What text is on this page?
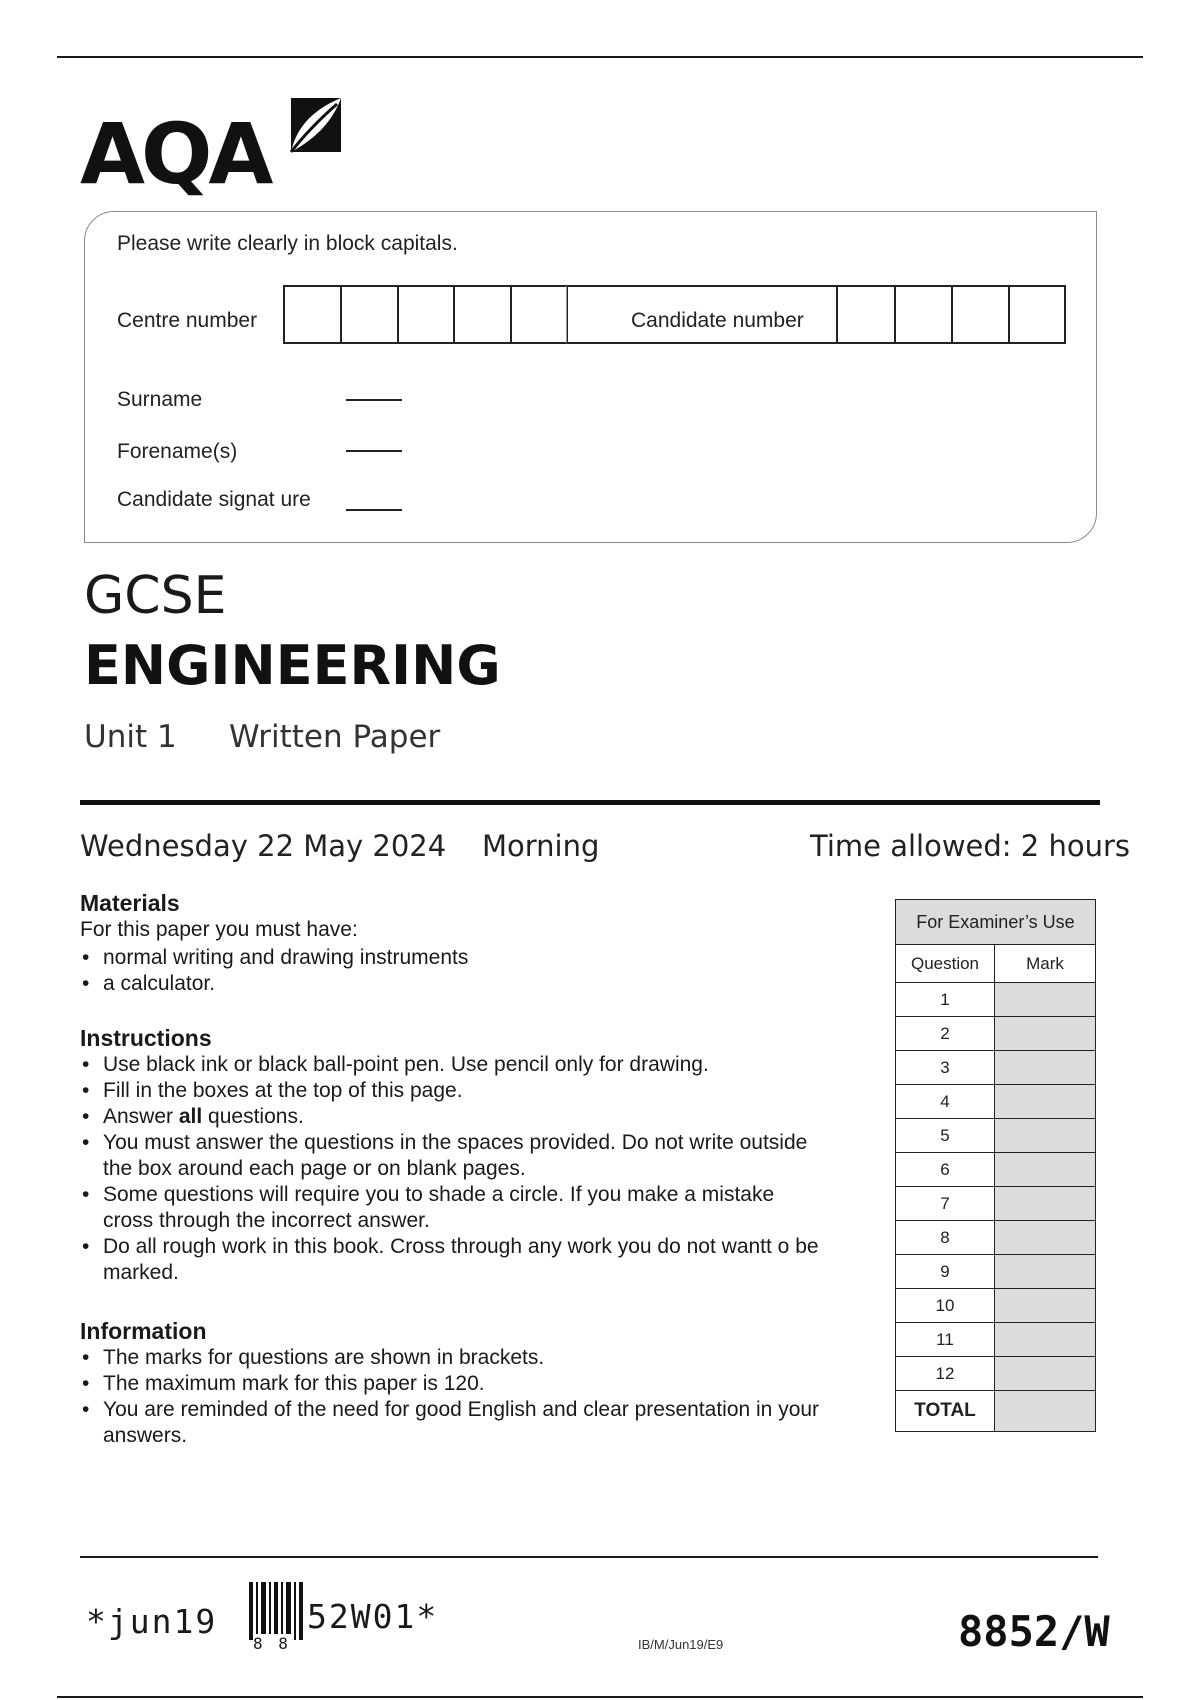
AQA
Please write clearly in block capitals.
Centre number	Candidate number
Surname
Forename(s)
Candidate signat ure
GCSE
ENGINEERING
Unit 1 Written Paper
Wednesday 22 May 2024 Morning	Time allowed: 2 hours
Materials
For this paper you must have:
• normal writing and drawing instruments
• a calculator.
Instructions
• Use black ink or black ball-point pen. Use pencil only for drawing.
• Fill in the boxes at the top of this page.
• Answer all questions.
• You must answer the questions in the spaces provided. Do not write outside the box around each page or on blank pages.
• Some questions will require you to shade a circle. If you make a mistake cross through the incorrect answer.
• Do all rough work in this book. Cross through any work you do not wantt o be marked.
Information
• The marks for questions are shown in brackets.
• The maximum mark for this paper is 120.
• You are reminded of the need for good English and clear presentation in your answers.
For Examiner’s Use	
Question	Mark
1	
2	
3	
4	
5	
6	
7	
8	
9	
10	
11	
12	
TOTAL	
*jun19
8 8
52W01*
IB/M/Jun19/E9	8852/W
